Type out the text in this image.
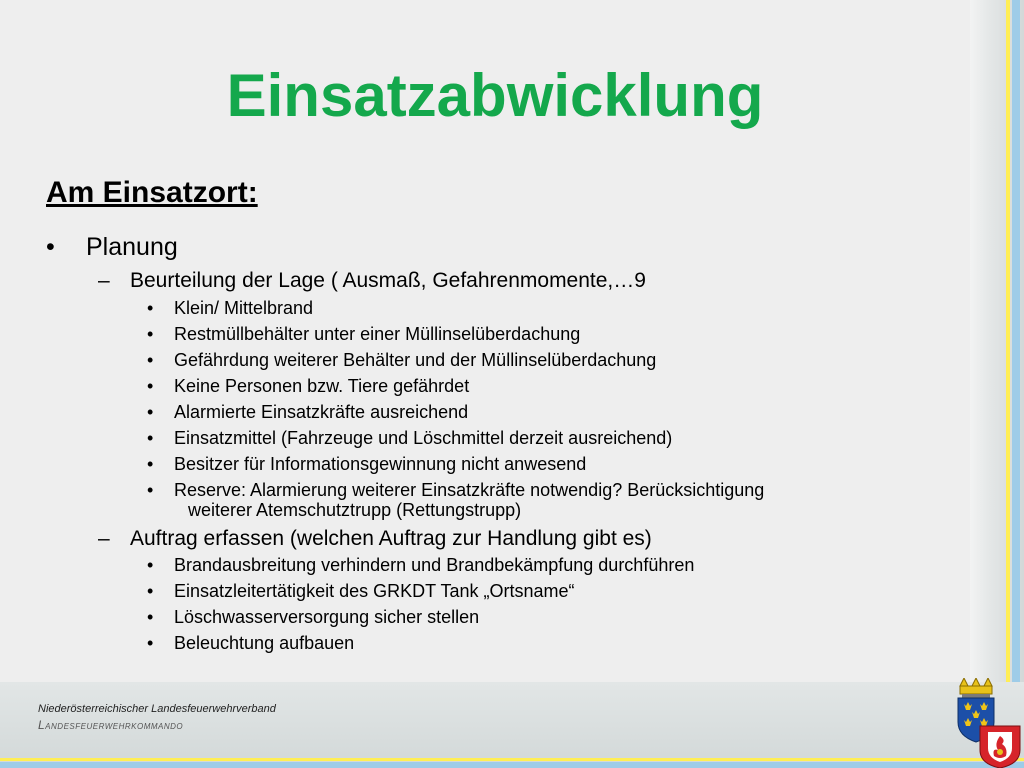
Einsatzabwicklung
Am Einsatzort:
• Planung
– Beurteilung der Lage ( Ausmaß, Gefahrenmomente,…9
• Klein/ Mittelbrand
• Restmüllbehälter unter einer Müllinselüberdachung
• Gefährdung weiterer Behälter und der Müllinselüberdachung
• Keine Personen bzw. Tiere gefährdet
• Alarmierte Einsatzkräfte ausreichend
• Einsatzmittel (Fahrzeuge und Löschmittel derzeit ausreichend)
• Besitzer für Informationsgewinnung nicht anwesend
• Reserve: Alarmierung weiterer Einsatzkräfte notwendig? Berücksichtigung
weiterer Atemschutztrupp (Rettungstrupp)
– Auftrag erfassen (welchen Auftrag zur Handlung gibt es)
• Brandausbreitung verhindern und Brandbekämpfung durchführen
• Einsatzleitertätigkeit des GRKDT Tank „Ortsname“
• Löschwasserversorgung sicher stellen
• Beleuchtung aufbauen
Niederösterreichischer Landesfeuerwehrverband
Landesfeuerwehrkommando
